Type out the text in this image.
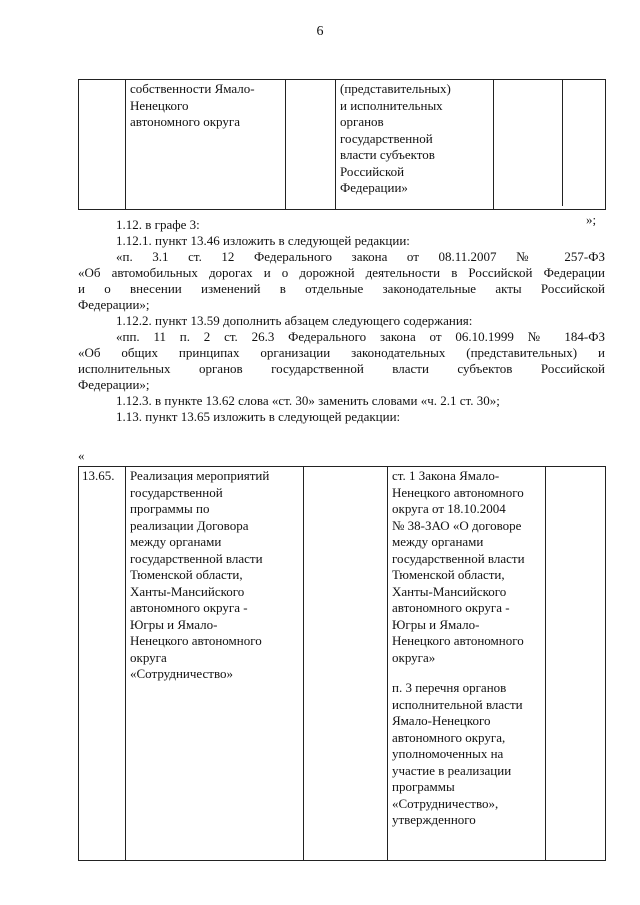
6
	собственности Ямало-
Ненецкого
автономного округа		(представительных)
и исполнительных
органов
государственной
власти субъектов
Российской
Федерации»	
»;
1.12. в графе 3:
1.12.1. пункт 13.46 изложить в следующей редакции:
«п. 3.1 ст. 12 Федерального закона от 08.11.2007 № 257-ФЗ
«Об автомобильных дорогах и о дорожной деятельности в Российской Федерации
и о внесении изменений в отдельные законодательные акты Российской
Федерации»;
1.12.2. пункт 13.59 дополнить абзацем следующего содержания:
«пп. 11 п. 2 ст. 26.3 Федерального закона от 06.10.1999 № 184-ФЗ
«Об общих принципах организации законодательных (представительных) и
исполнительных органов государственной власти субъектов Российской
Федерации»;
1.12.3. в пункте 13.62 слова «ст. 30» заменить словами «ч. 2.1 ст. 30»;
1.13. пункт 13.65 изложить в следующей редакции:
«
13.65.	Реализация мероприятий
государственной
программы по
реализации Договора
между органами
государственной власти
Тюменской области,
Ханты-Мансийского
автономного округа -
Югры и Ямало-
Ненецкого автономного
округа
«Сотрудничество»		ст. 1 Закона Ямало-
Ненецкого автономного
округа от 18.10.2004
№ 38-ЗАО «О договоре
между органами
государственной власти
Тюменской области,
Ханты-Мансийского
автономного округа -
Югры и Ямало-
Ненецкого автономного
округа»
п. 3 перечня органов
исполнительной власти
Ямало-Ненецкого
автономного округа,
уполномоченных на
участие в реализации
программы
«Сотрудничество»,
утвержденного	
